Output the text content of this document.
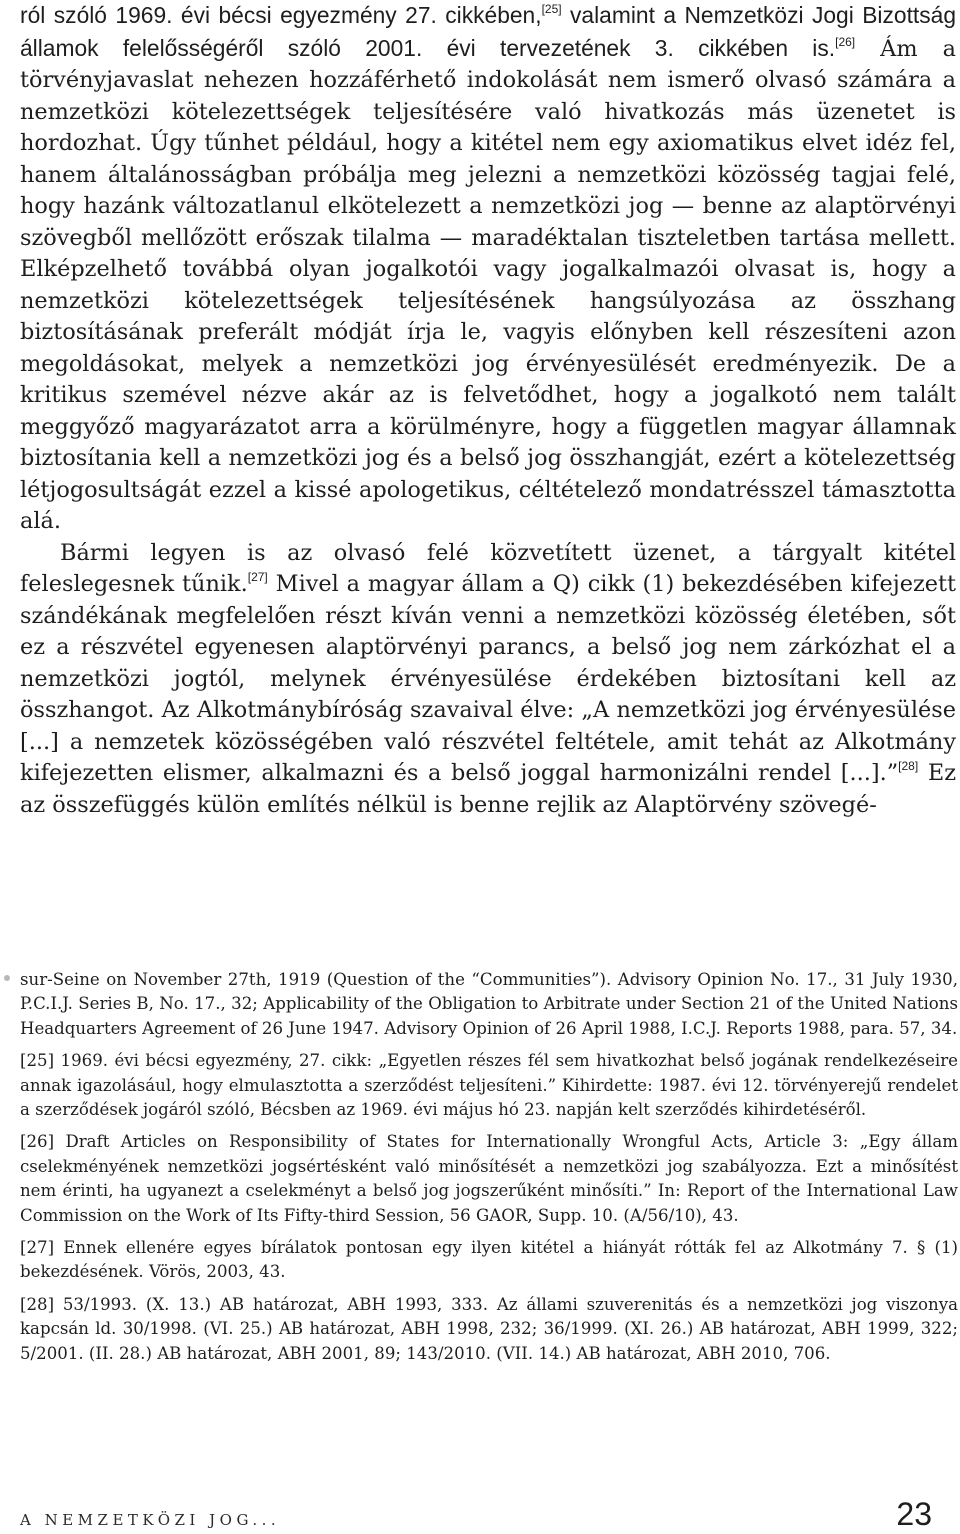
ról szóló 1969. évi bécsi egyezmény 27. cikkében,[25] valamint a Nemzetközi Jogi Bizottság államok felelősségéről szóló 2001. évi tervezetének 3. cikkében is.[26] Ám a törvényjavaslat nehezen hozzáférhető indokolását nem ismerő olvasó számára a nemzetközi kötelezettségek teljesítésére való hivatkozás más üzenetet is hordozhat. Úgy tűnhet például, hogy a kitétel nem egy axiomatikus elvet idéz fel, hanem általánosságban próbálja meg jelezni a nemzetközi közösség tagjai felé, hogy hazánk változatlanul elkötelezett a nemzetközi jog — benne az alaptörvényi szövegből mellőzött erőszak tilalma — maradéktalan tiszteletben tartása mellett. Elképzelhető továbbá olyan jogalkotói vagy jogalkalmazói olvasat is, hogy a nemzetközi kötelezettségek teljesítésének hangsúlyozása az összhang biztosításának preferált módját írja le, vagyis előnyben kell részesíteni azon megoldásokat, melyek a nemzetközi jog érvényesülését eredményezik. De a kritikus szemével nézve akár az is felvetődhet, hogy a jogalkotó nem talált meggyőző magyarázatot arra a körülményre, hogy a független magyar államnak biztosítania kell a nemzetközi jog és a belső jog összhangját, ezért a kötelezettség létjogosultságát ezzel a kissé apologetikus, céltételező mondatrésszel támasztotta alá.

Bármi legyen is az olvasó felé közvetített üzenet, a tárgyalt kitétel feleslegesnek tűnik.[27] Mivel a magyar állam a Q) cikk (1) bekezdésében kifejezett szándékának megfelelően részt kíván venni a nemzetközi közösség életében, sőt ez a részvétel egyenesen alaptörvényi parancs, a belső jog nem zárkózhat el a nemzetközi jogtól, melynek érvényesülése érdekében biztosítani kell az összhangot. Az Alkotmánybíróság szavaival élve: „A nemzetközi jog érvényesülése [...] a nemzetek közösségében való részvétel feltétele, amit tehát az Alkotmány kifejezetten elismer, alkalmazni és a belső joggal harmonizálni rendel [...].”[28] Ez az összefüggés külön említés nélkül is benne rejlik az Alaptörvény szövegé-

sur-Seine on November 27th, 1919 (Question of the “Communities”). Advisory Opinion No. 17., 31 July 1930, P.C.I.J. Series B, No. 17., 32; Applicability of the Obligation to Arbitrate under Section 21 of the United Nations Headquarters Agreement of 26 June 1947. Advisory Opinion of 26 April 1988, I.C.J. Reports 1988, para. 57, 34.

[25] 1969. évi bécsi egyezmény, 27. cikk: „Egyetlen részes fél sem hivatkozhat belső jogának rendelkezéseire annak igazolásául, hogy elmulasztotta a szerződést teljesíteni.” Kihirdette: 1987. évi 12. törvényerejű rendelet a szerződések jogáról szóló, Bécsben az 1969. évi május hó 23. napján kelt szerződés kihirdetéséről.

[26] Draft Articles on Responsibility of States for Internationally Wrongful Acts, Article 3: „Egy állam cselekményének nemzetközi jogsértésként való minősítését a nemzetközi jog szabályozza. Ezt a minősítést nem érinti, ha ugyanezt a cselekményt a belső jog jogszerűként minősíti.” In: Report of the International Law Commission on the Work of Its Fifty-third Session, 56 GAOR, Supp. 10. (A/56/10), 43.

[27] Ennek ellenére egyes bírálatok pontosan egy ilyen kitétel a hiányát rótták fel az Alkotmány 7. § (1) bekezdésének. Vörös, 2003, 43.

[28] 53/1993. (X. 13.) AB határozat, ABH 1993, 333. Az állami szuverenitás és a nemzetközi jog viszonya kapcsán ld. 30/1998. (VI. 25.) AB határozat, ABH 1998, 232; 36/1999. (XI. 26.) AB határozat, ABH 1999, 322; 5/2001. (II. 28.) AB határozat, ABH 2001, 89; 143/2010. (VII. 14.) AB határozat, ABH 2010, 706.

A NEMZETKÖZI JOG...	23
